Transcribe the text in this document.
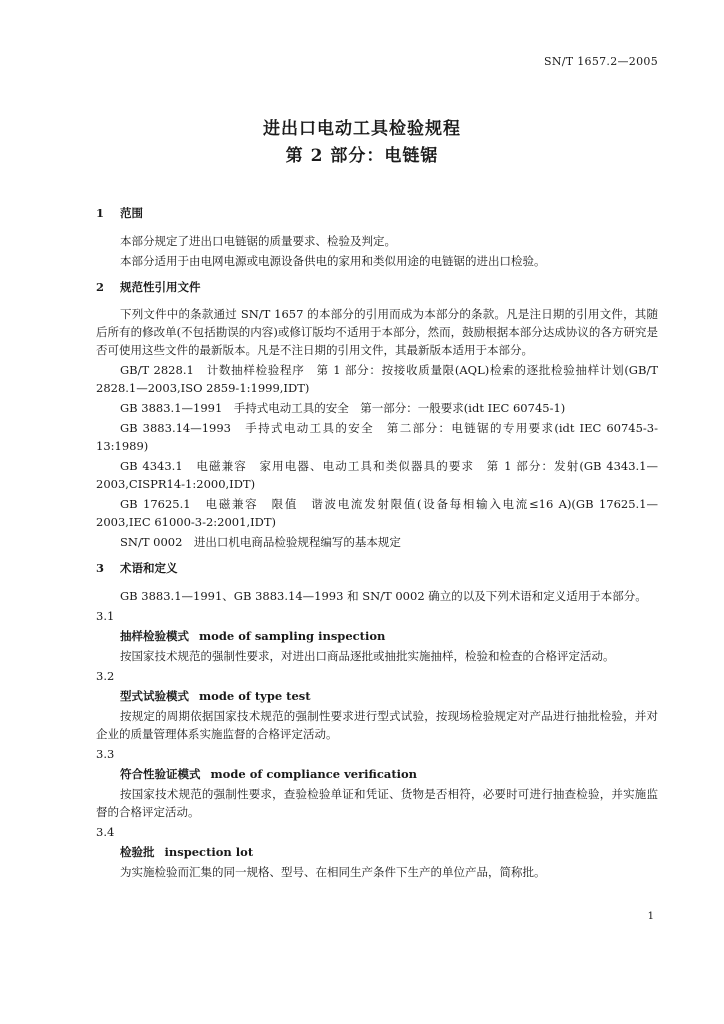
SN/T 1657.2—2005
进出口电动工具检验规程
第 2 部分：电链锯
1 范围

本部分规定了进出口电链锯的质量要求、检验及判定。

本部分适用于由电网电源或电源设备供电的家用和类似用途的电链锯的进出口检验。

2 规范性引用文件

下列文件中的条款通过 SN/T 1657 的本部分的引用而成为本部分的条款。凡是注日期的引用文件，其随后所有的修改单(不包括勘误的内容)或修订版均不适用于本部分，然而，鼓励根据本部分达成协议的各方研究是否可使用这些文件的最新版本。凡是不注日期的引用文件，其最新版本适用于本部分。

GB/T 2828.1　计数抽样检验程序　第 1 部分：按接收质量限(AQL)检索的逐批检验抽样计划(GB/T 2828.1—2003,ISO 2859-1:1999,IDT)

GB 3883.1—1991　手持式电动工具的安全　第一部分：一般要求(idt IEC 60745-1)

GB 3883.14—1993　手持式电动工具的安全　第二部分：电链锯的专用要求(idt IEC 60745-3-13:1989)

GB 4343.1　电磁兼容　家用电器、电动工具和类似器具的要求　第 1 部分：发射(GB 4343.1—2003,CISPR14-1:2000,IDT)

GB 17625.1　电磁兼容　限值　谐波电流发射限值(设备每相输入电流≤16 A)(GB 17625.1—2003,IEC 61000-3-2:2001,IDT)

SN/T 0002　进出口机电商品检验规程编写的基本规定

3 术语和定义

GB 3883.1—1991、GB 3883.14—1993 和 SN/T 0002 确立的以及下列术语和定义适用于本部分。

3.1
抽样检验模式 mode of sampling inspection

按国家技术规范的强制性要求，对进出口商品逐批或抽批实施抽样，检验和检查的合格评定活动。

3.2
型式试验模式 mode of type test

按规定的周期依据国家技术规范的强制性要求进行型式试验，按现场检验规定对产品进行抽批检验，并对企业的质量管理体系实施监督的合格评定活动。

3.3
符合性验证模式 mode of compliance verification

按国家技术规范的强制性要求，查验检验单证和凭证、货物是否相符，必要时可进行抽查检验，并实施监督的合格评定活动。

3.4
检验批 inspection lot

为实施检验而汇集的同一规格、型号、在相同生产条件下生产的单位产品，简称批。

1
